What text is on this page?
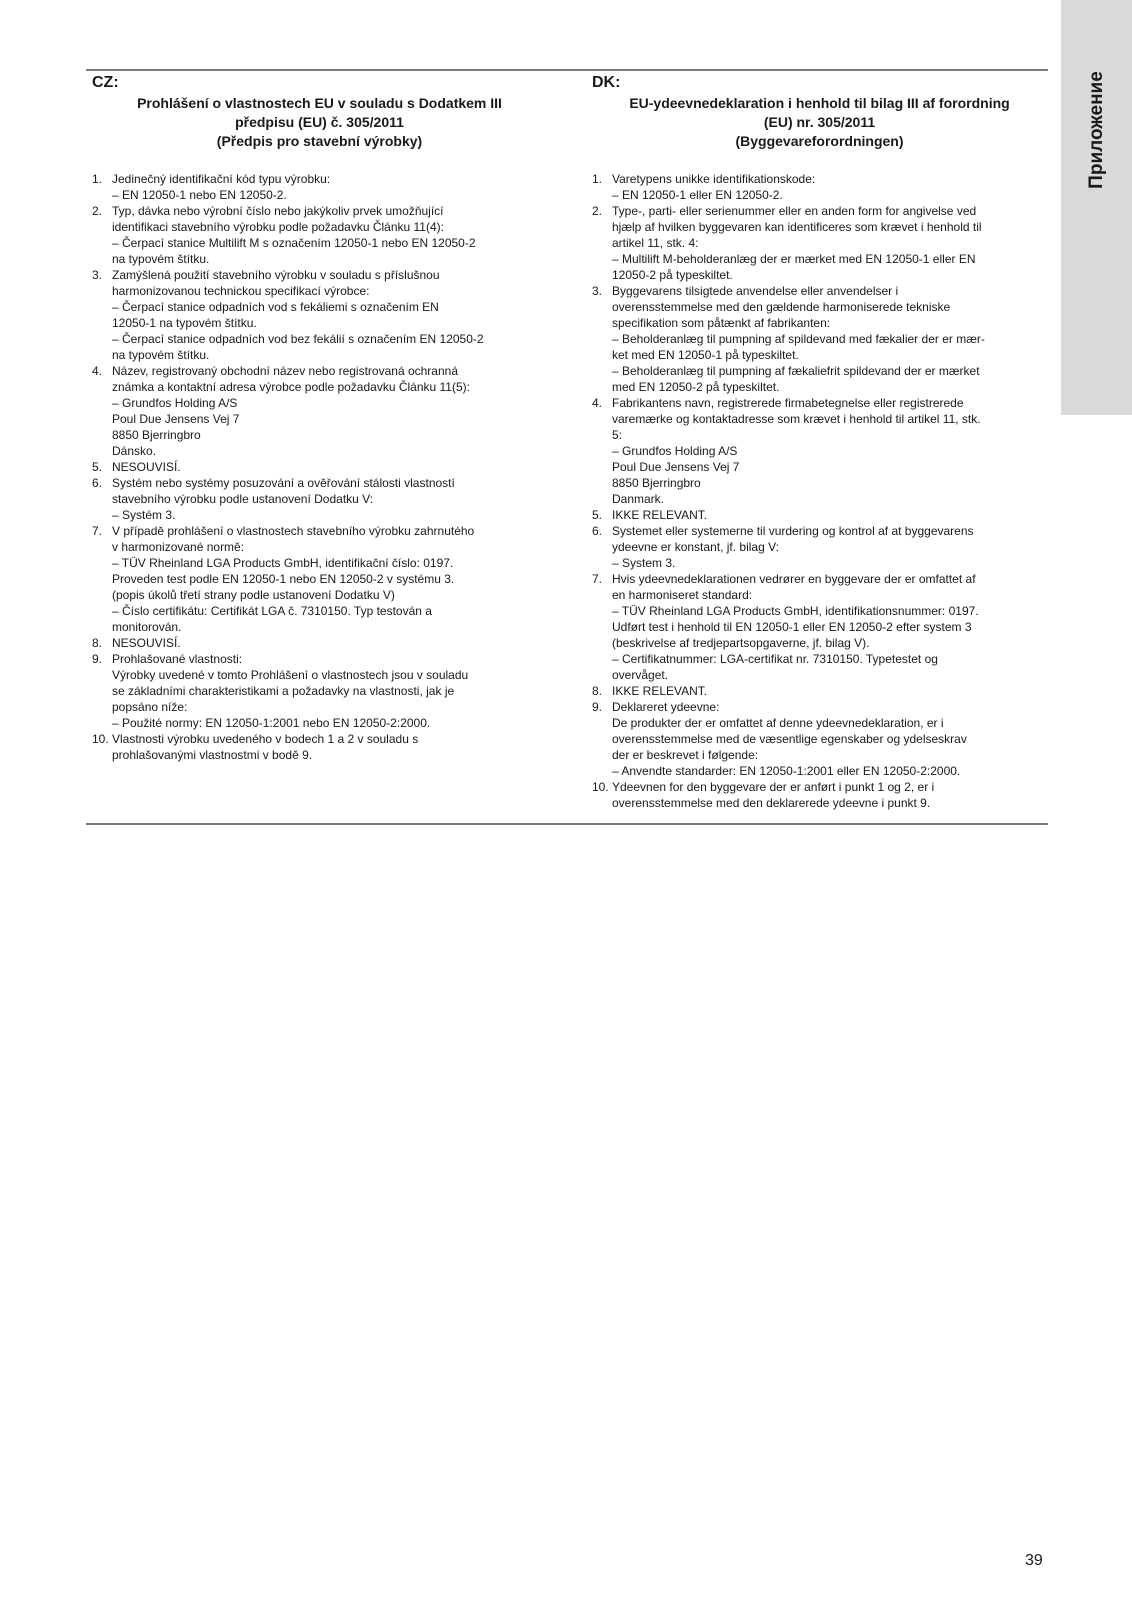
Приложение
CZ:
Prohlášení o vlastnostech EU v souladu s Dodatkem III
předpisu (EU) č. 305/2011
(Předpis pro stavební výrobky)
1. Jedinečný identifikační kód typu výrobku:
– EN 12050-1 nebo EN 12050-2.
2. Typ, dávka nebo výrobní číslo nebo jakýkoliv prvek umožňující
identifikaci stavebního výrobku podle požadavku Článku 11(4):
– Čerpací stanice Multilift M s označením 12050-1 nebo EN 12050-2
na typovém štítku.
3. Zamýšlená použití stavebního výrobku v souladu s příslušnou
harmonizovanou technickou specifikací výrobce:
– Čerpací stanice odpadních vod s fekáliemi s označením EN
12050-1 na typovém štítku.
– Čerpací stanice odpadních vod bez fekálií s označením EN 12050-2
na typovém štítku.
4. Název, registrovaný obchodní název nebo registrovaná ochranná
známka a kontaktní adresa výrobce podle požadavku Článku 11(5):
– Grundfos Holding A/S
Poul Due Jensens Vej 7
8850 Bjerringbro
Dánsko.
5. NESOUVISÍ.
6. Systém nebo systémy posuzování a ověřování stálosti vlastností
stavebního výrobku podle ustanovení Dodatku V:
– Systém 3.
7. V případě prohlášení o vlastnostech stavebního výrobku zahrnutého
v harmonizované normě:
– TÜV Rheinland LGA Products GmbH, identifikační číslo: 0197.
Proveden test podle EN 12050-1 nebo EN 12050-2 v systému 3.
(popis úkolů třetí strany podle ustanovení Dodatku V)
– Číslo certifikátu: Certifikát LGA č. 7310150. Typ testován a
monitorován.
8. NESOUVISÍ.
9. Prohlašované vlastnosti:
Výrobky uvedené v tomto Prohlášení o vlastnostech jsou v souladu
se základními charakteristikami a požadavky na vlastnosti, jak je
popsáno níže:
– Použité normy: EN 12050-1:2001 nebo EN 12050-2:2000.
10. Vlastnosti výrobku uvedeného v bodech 1 a 2 v souladu s
prohlašovanými vlastnostmi v bodě 9.
DK:
EU-ydeevnedeklaration i henhold til bilag III af forordning
(EU) nr. 305/2011
(Byggevareforordningen)
1. Varetypens unikke identifikationskode:
– EN 12050-1 eller EN 12050-2.
2. Type-, parti- eller serienummer eller en anden form for angivelse ved
hjælp af hvilken byggevaren kan identificeres som krævet i henhold til
artikel 11, stk. 4:
– Multilift M-beholderanlæg der er mærket med EN 12050-1 eller EN
12050-2 på typeskiltet.
3. Byggevarens tilsigtede anvendelse eller anvendelser i
overensstemmelse med den gældende harmoniserede tekniske
specifikation som påtænkt af fabrikanten:
– Beholderanlæg til pumpning af spildevand med fækalier der er mær-
ket med EN 12050-1 på typeskiltet.
– Beholderanlæg til pumpning af fækaliefrit spildevand der er mærket
med EN 12050-2 på typeskiltet.
4. Fabrikantens navn, registrerede firmabetegnelse eller registrerede
varemærke og kontaktadresse som krævet i henhold til artikel 11, stk.
5:
– Grundfos Holding A/S
Poul Due Jensens Vej 7
8850 Bjerringbro
Danmark.
5. IKKE RELEVANT.
6. Systemet eller systemerne til vurdering og kontrol af at byggevarens
ydeevne er konstant, jf. bilag V:
– System 3.
7. Hvis ydeevnedeklarationen vedrører en byggevare der er omfattet af
en harmoniseret standard:
– TÜV Rheinland LGA Products GmbH, identifikationsnummer: 0197.
Udført test i henhold til EN 12050-1 eller EN 12050-2 efter system 3
(beskrivelse af tredjepartsopgaverne, jf. bilag V).
– Certifikatnummer: LGA-certifikat nr. 7310150. Typetestet og
overvåget.
8. IKKE RELEVANT.
9. Deklareret ydeevne:
De produkter der er omfattet af denne ydeevnedeklaration, er i
overensstemmelse med de væsentlige egenskaber og ydelseskrav
der er beskrevet i følgende:
– Anvendte standarder: EN 12050-1:2001 eller EN 12050-2:2000.
10. Ydeevnen for den byggevare der er anført i punkt 1 og 2, er i
overensstemmelse med den deklarerede ydeevne i punkt 9.
39
